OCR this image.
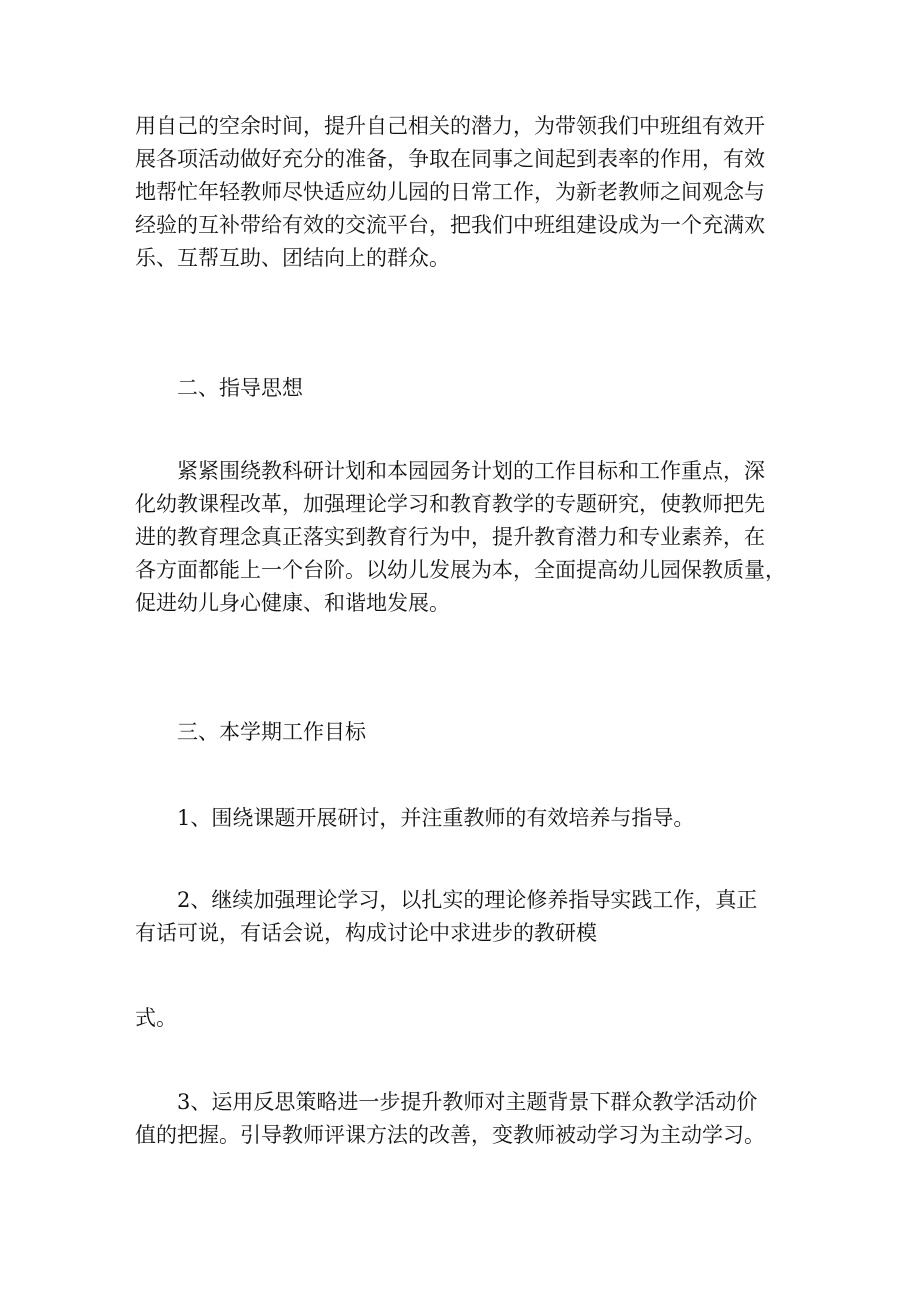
用自己的空余时间，提升自己相关的潜力，为带领我们中班组有效开
展各项活动做好充分的准备，争取在同事之间起到表率的作用，有效
地帮忙年轻教师尽快适应幼儿园的日常工作，为新老教师之间观念与
经验的互补带给有效的交流平台，把我们中班组建设成为一个充满欢
乐、互帮互助、团结向上的群众。
二、指导思想
紧紧围绕教科研计划和本园园务计划的工作目标和工作重点，深
化幼教课程改革，加强理论学习和教育教学的专题研究，使教师把先
进的教育理念真正落实到教育行为中，提升教育潜力和专业素养，在
各方面都能上一个台阶。以幼儿发展为本，全面提高幼儿园保教质量，
促进幼儿身心健康、和谐地发展。
三、本学期工作目标
1、围绕课题开展研讨，并注重教师的有效培养与指导。
2、继续加强理论学习，以扎实的理论修养指导实践工作，真正
有话可说，有话会说，构成讨论中求进步的教研模
式。
3、运用反思策略进一步提升教师对主题背景下群众教学活动价
值的把握。引导教师评课方法的改善，变教师被动学习为主动学习。
